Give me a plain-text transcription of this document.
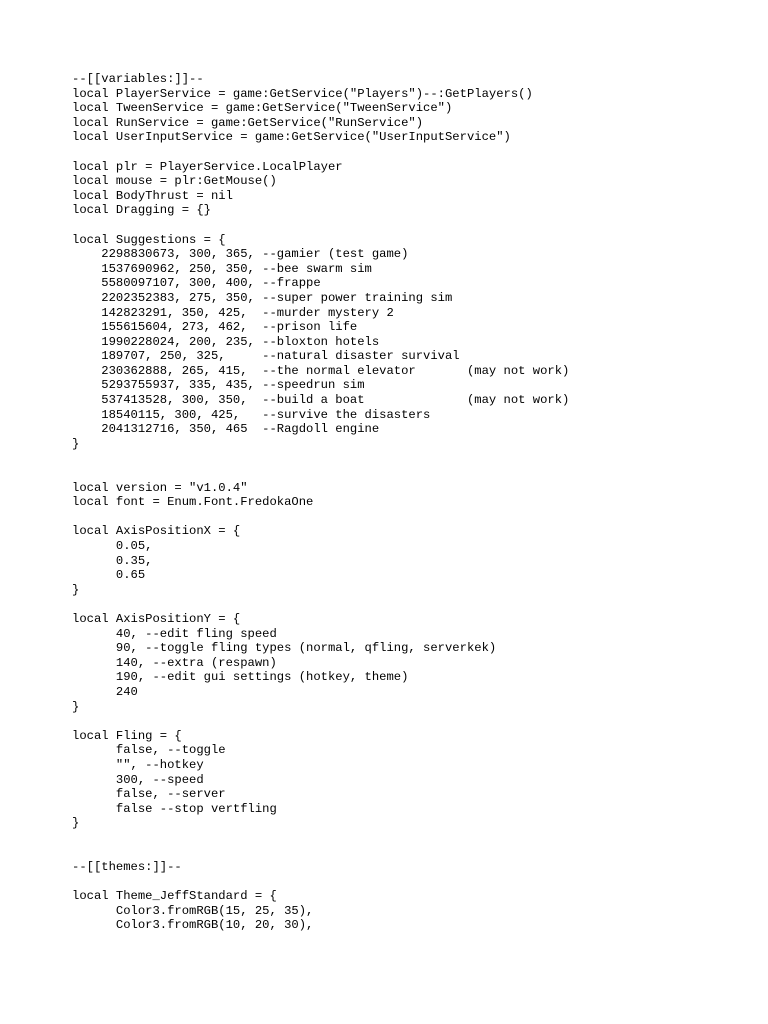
--[[variables:]]--
local PlayerService = game:GetService("Players")--:GetPlayers()
local TweenService = game:GetService("TweenService")
local RunService = game:GetService("RunService")
local UserInputService = game:GetService("UserInputService")
local plr = PlayerService.LocalPlayer
local mouse = plr:GetMouse()
local BodyThrust = nil
local Dragging = {}
local Suggestions = {
2298830673, 300, 365, --gamier (test game)
1537690962, 250, 350, --bee swarm sim
5580097107, 300, 400, --frappe
2202352383, 275, 350, --super power training sim
142823291, 350, 425,  --murder mystery 2
155615604, 273, 462,  --prison life
1990228024, 200, 235, --bloxton hotels
189707, 250, 325,     --natural disaster survival
230362888, 265, 415,  --the normal elevator       (may not work)
5293755937, 335, 435, --speedrun sim
537413528, 300, 350,  --build a boat              (may not work)
18540115, 300, 425,   --survive the disasters
2041312716, 350, 465  --Ragdoll engine
}
local version = "v1.0.4"
local font = Enum.Font.FredokaOne
local AxisPositionX = {
0.05,
0.35,
0.65
}
local AxisPositionY = {
40, --edit fling speed
90, --toggle fling types (normal, qfling, serverkek)
140, --extra (respawn)
190, --edit gui settings (hotkey, theme)
240
}
local Fling = {
false, --toggle
"", --hotkey
300, --speed
false, --server
false --stop vertfling
}
--[[themes:]]--
local Theme_JeffStandard = {
Color3.fromRGB(15, 25, 35),
Color3.fromRGB(10, 20, 30),
